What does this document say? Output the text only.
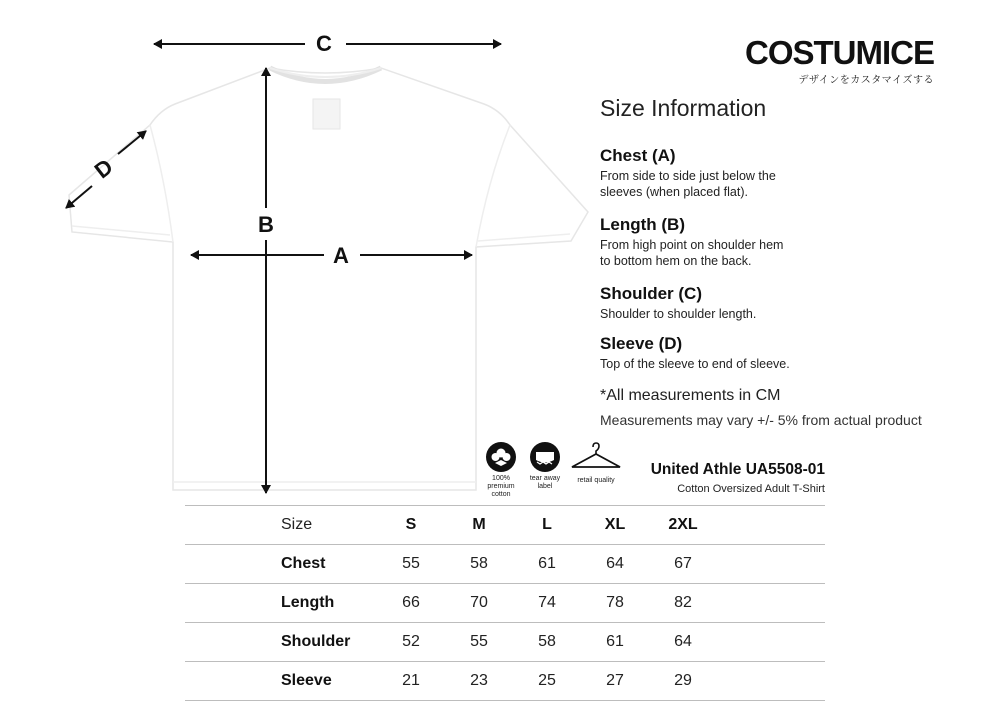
C
B
A
D
COSTUMICE
デザインをカスタマイズする
Size Information
Chest (A)
From side to side just below the
sleeves (when placed flat).
Length (B)
From high point on shoulder hem
to bottom hem on the back.
Shoulder (C)
Shoulder to shoulder length.
Sleeve (D)
Top of the sleeve to end of sleeve.
*All measurements in CM
Measurements may vary +/- 5% from actual product
100%
premium
cotton
tear away
label
retail quality
United Athle UA5508-01
Cotton Oversized Adult T-Shirt
Size	S	M	L	XL	2XL	
Chest	55	58	61	64	67	
Length	66	70	74	78	82	
Shoulder	52	55	58	61	64	
Sleeve	21	23	25	27	29	
